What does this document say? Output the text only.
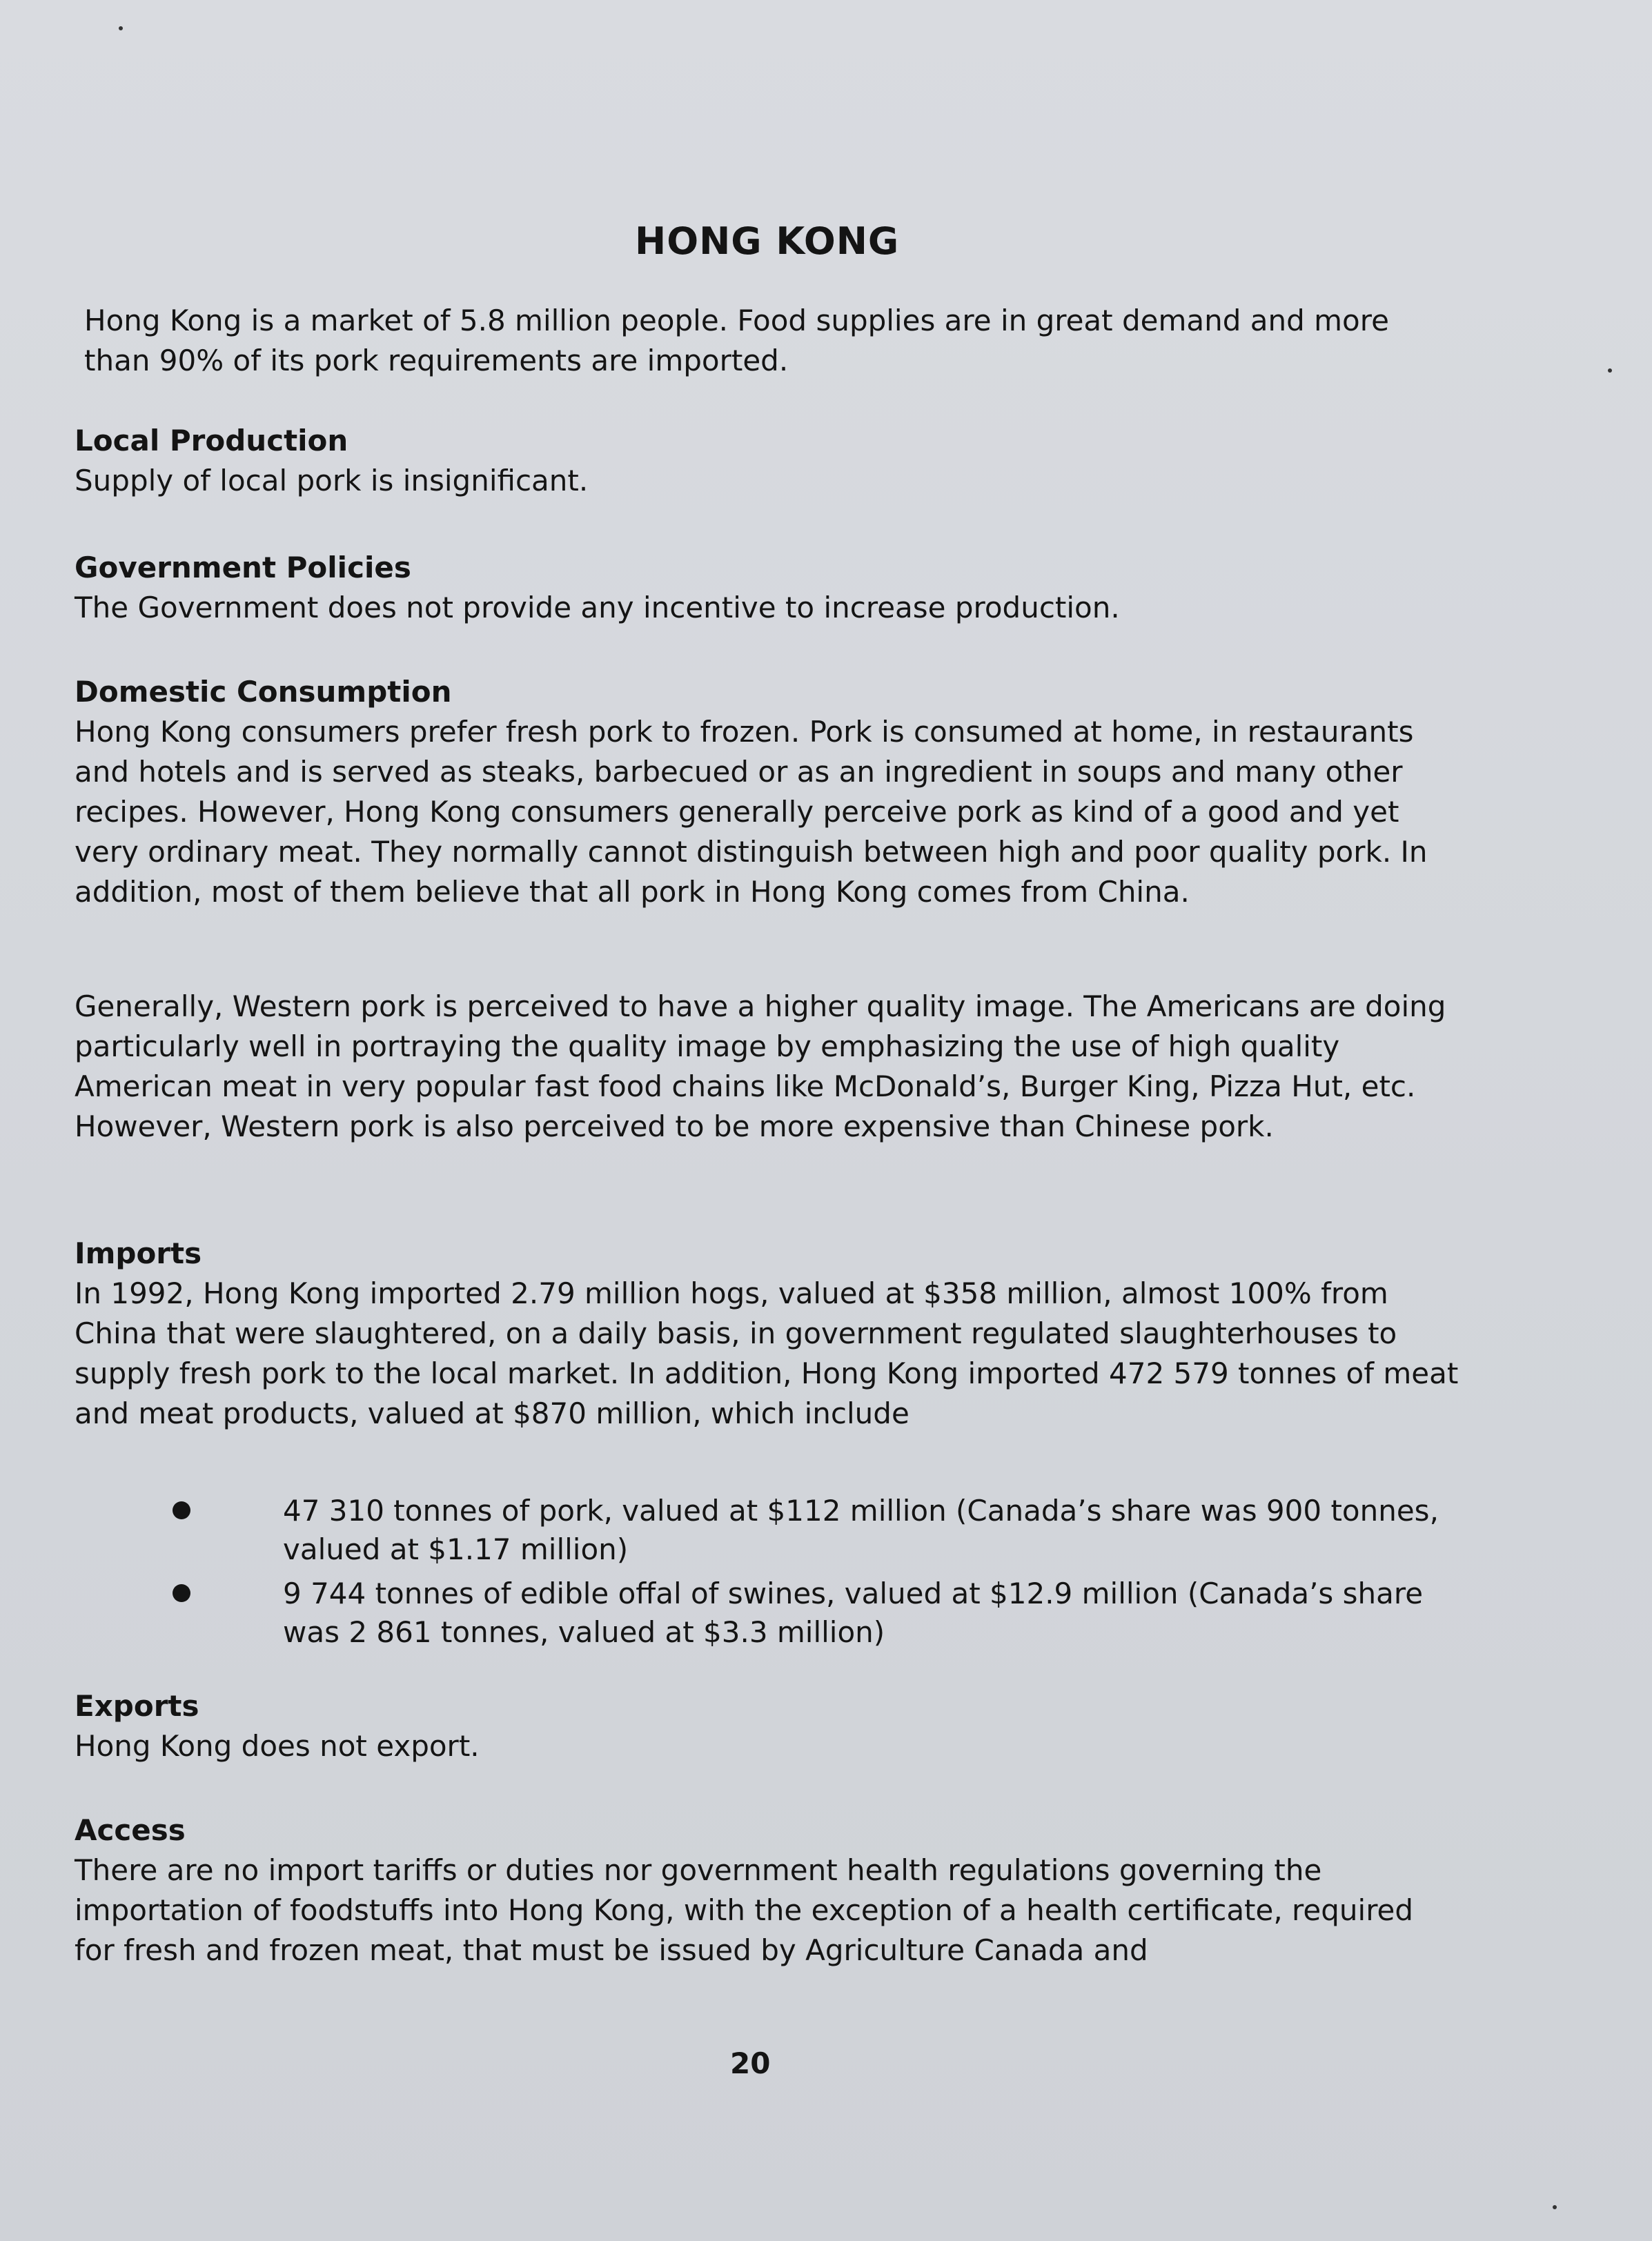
HONG KONG
Hong Kong is a market of 5.8 million people. Food supplies are in great demand and more than 90% of its pork requirements are imported.
Local Production
Supply of local pork is insignificant.
Government Policies
The Government does not provide any incentive to increase production.
Domestic Consumption
Hong Kong consumers prefer fresh pork to frozen. Pork is consumed at home, in restaurants and hotels and is served as steaks, barbecued or as an ingredient in soups and many other recipes. However, Hong Kong consumers generally perceive pork as kind of a good and yet very ordinary meat. They normally cannot distinguish between high and poor quality pork. In addition, most of them believe that all pork in Hong Kong comes from China.
Generally, Western pork is perceived to have a higher quality image. The Americans are doing particularly well in portraying the quality image by emphasizing the use of high quality American meat in very popular fast food chains like McDonald’s, Burger King, Pizza Hut, etc. However, Western pork is also perceived to be more expensive than Chinese pork.
Imports
In 1992, Hong Kong imported 2.79 million hogs, valued at $358 million, almost 100% from China that were slaughtered, on a daily basis, in government regulated slaughterhouses to supply fresh pork to the local market. In addition, Hong Kong imported 472 579 tonnes of meat and meat products, valued at $870 million, which include
47 310 tonnes of pork, valued at $112 million (Canada’s share was 900 tonnes, valued at $1.17 million)
9 744 tonnes of edible offal of swines, valued at $12.9 million (Canada’s share was 2 861 tonnes, valued at $3.3 million)
Exports
Hong Kong does not export.
Access
There are no import tariffs or duties nor government health regulations governing the importation of foodstuffs into Hong Kong, with the exception of a health certificate, required for fresh and frozen meat, that must be issued by Agriculture Canada and
20
